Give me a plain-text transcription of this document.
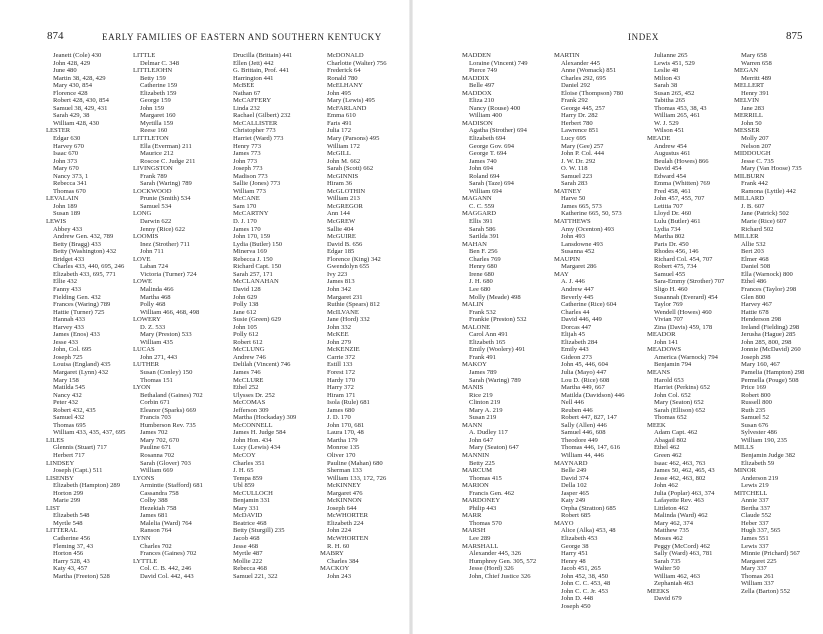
874	EARLY FAMILIES OF EASTERN AND SOUTHERN KENTUCKY
Jeanett (Cole) 430
John 428, 429
June 480
Martin 38, 428, 429
Mary 430, 854
Florence 428
Robert 428, 430, 854
Samuel 38, 429, 431
Sarah 429, 38
William 428, 430
LESTER
Edgar 630
Harvey 670
Isaac 670
John 373
Mary 670
Nancy 373, 1
Rebecca 341
Thomas 670
LEVALAIN
John 189
Susan 189
LEWIS
Abbey 433
Andrew Gen. 432, 789
Betty (Bragg) 433
Betty (Washington) 432
Bridget 433
Charles 433, 440, 695, 246
Elizabeth 433, 695, 771
Ellie 432
Fanny 433
Fielding Gen. 432
Frances (Waring) 789
Hattie (Turner) 725
Hannah 433
Harvey 433
James (Enos) 433
Jesse 433
John, Col. 695
Joseph 725
Louisa (England) 435
Margaret (Lynn) 432
Mary 158
Matilda 545
Nancy 432
Peter 432
Robert 432, 435
Samuel 432
Thomas 695
William 433, 435, 437, 695
LILES
Glennis (Stuart) 717
Herbert 717
LINDSEY
Joseph (Capt.) 511
LISENBY
Elizabeth (Hampton) 289
Horton 299
Marie 299
LIST
Elizabeth 548
Myrtle 548
LITTERAL
Catherine 456
Fleming 37, 43
Horton 456
Harry 528, 43
Katy 43, 457
Martha (Freeton) 528
LITTLE
Delmar C. 348
LITTLEJOHN
Betty 159
Catherine 159
Elizabeth 159
George 159
John 159
Margaret 160
Myrtilla 159
Reese 160
LITTLETON
Ella (Everman) 211
Maurice 212
Roscoe C. Judge 211
LIVINGSTON
Frank 789
Sarah (Waring) 789
LOCKWOOD
Prunie (Smith) 534
Samuel 534
LONG
Darwin 622
Jenny (Rice) 622
LOOMIS
Inez (Strother) 711
John 711
LOVE
Laban 724
Victoria (Turner) 724
LOWE
Malinda 466
Martha 468
Polly 468
William 466, 468, 498
LOWERY
D. Z. 533
Mary (Preston) 533
William 435
LUCAS
John 271, 443
LUTHER
Susan (Conley) 150
Thomas 151
LYON
Bethaland (Gaines) 702
Corbin 671
Eleanor (Sparks) 669
Francis 703
Humberson Rev. 735
James 702
Mary 702, 670
Pauline 671
Rosanna 702
Sarah (Glover) 703
William 669
LYONS
Armintie (Stafford) 681
Cassandra 758
Colby 388
Hezekiah 758
James 681
Malelia (Ward) 764
Ranson 764
LYNN
Charles 702
Frances (Gaines) 702
LYTTLE
Col. C. B. 442, 246
David Col. 442, 443
Drucilla (Brittain) 441
Ellen (Jett) 442
G. Brittain, Prof. 441
Harrington 441
McBEE
Nathan 67
McCAFFERY
Linda 232
Rachael (Gilbert) 232
McCALLISTER
Christopher 773
Harriet (Ward) 773
Henry 773
James 773
John 773
Joseph 773
Madison 773
Sallie (Jones) 773
William 773
McCANE
Sam 170
McCARTNY
D. J. 170
James 170
John 170, 159
Lydia (Butler) 150
Minerva 169
Rebecca J. 150
Richard Capt. 150
Sarah 257, 171
McCLANAHAN
David 128
John 629
Polly 138
Jane 612
Susie (Green) 629
John 105
Polly 612
Robert 612
McCLUNG
Andrew 746
Delilah (Vincent) 746
James 746
McCLURE
Ethel 252
Ulysses Dr. 252
McCOMAS
Jefferson 309
Martha (Hockaday) 309
McCONNELL
James H. Judge 584
John Hon. 434
Lucy (Lewis) 434
McCOY
Charles 351
J. H. 65
Tempa 859
Ubl 859
McCULLOCH
Benjamin 331
Mary 331
McDAVID
Beatrice 468
Betty (Sturgill) 235
Jacob 468
Jesse 468
Myrtle 487
Mollie 222
Rebecca 468
Samuel 221, 322
McDONALD
Charlotte (Walter) 756
Frederick 64
Ronald 780
McELHANY
John 495
Mary (Lewis) 495
McFARLAND
Emma 610
Faris 491
Julia 172
Mary (Parsons) 495
William 172
McGILL
John M. 662
Sarah (Scott) 662
McGINNIS
Hiram 36
McGLOTHIN
William 213
McGREGOR
Ann 144
McGREW
Sallie 404
McGUIRE
David B. 656
Edgar 185
Florence (King) 342
Gwendolyn 655
Ivy 223
James 813
John 342
Margaret 231
Ruthie (Spears) 812
McILVANE
Jane (Hord) 332
John 332
McKEE
John 279
McKENZIE
Carrie 372
Estill 133
Forest 172
Hardy 170
Harry 372
Hiram 171
Isola (Rule) 681
James 680
J. D. 170
John 170, 681
Laura 170, 48
Martha 179
Monroe 135
Oliver 170
Pauline (Mahan) 680
Sherman 133
William 133, 172, 726
McKINNEY
Margaret 476
McKINNON
Joseph 644
McWHORTER
Elizabeth 224
John 224
McWHORTEN
R. H. 60
MABRY
Charles 384
MACKOY
John 243
INDEX	875
MADDEN
Loraine (Vincent) 749
Pierce 749
MADDIX
Belle 497
MADDOX
Eliza 210
Nancy (Rouse) 400
William 400
MADISON
Agatha (Strother) 694
Elizabeth 694
George Gov. 694
George T. 694
James 740
John 694
Roland 694
Sarah (Taze) 694
William 694
MAGANN
C. C. 559
MAGGARD
Ellis 391
Sarah 586
Sarilda 391
MAHAN
Ben F. 256
Charles 769
Henry 680
Irene 680
J. H. 680
Lee 680
Molly (Meade) 498
MALIN
Frank 532
Frankie (Preston) 532
MALONE
Carol Ann 491
Elizabeth 165
Emily (Woolery) 491
Frank 491
MAKOY
James 789
Sarah (Waring) 789
MANIS
Rice 219
Clinton 219
Mary A. 219
Susan 219
MANN
A. Dudley 117
John 647
Mary (Seaton) 647
MANNIN
Betty 225
MARCUM
Thomas 415
MARION
Francis Gen. 462
MARDONEY
Philip 443
MARR
Thomas 570
MARSH
Lee 289
MARSHALL
Alexander 445, 326
Humphrey Gen. 305, 572
Jesse (Hord) 326
John, Chief Justice 326
MARTIN
Alexander 445
Anne (Womack) 851
Charles 292, 695
Daniel 292
Eloise (Thompson) 780
Frank 292
George 445, 257
Harry Dr. 282
Herbert 780
Lawrence 851
Lucy 695
Mary (Gee) 257
John P. Col. 444
J. W. Dr. 292
O. W. 118
Samuel 223
Sarah 283
MATNEY
Harve 50
James 665, 573
Katherine 665, 50, 573
MATTHEWS
Amy (Ocenton) 493
John 493
Lansdowne 493
Susanna 452
MAUPIN
Margaret 286
MAY
A. J. 446
Andrew 447
Beverly 445
Catherine (Rice) 604
Charles 44
David 446, 449
Dorcas 447
Elijah 45
Elizabeth 284
Emily 443
Gideon 273
John 45, 446, 604
Julia (Mayo) 447
Lou D. (Rice) 608
Martha 449, 667
Matilda (Davidson) 446
Nell 446
Reuben 446
Robert 447, 827, 147
Sally (Allen) 446
Samuel 446, 608
Theodore 449
Thomas 446, 147, 616
William 44, 446
MAYNARD
Belle 249
David 374
Della 102
Jasper 465
Katy 249
Orpha (Stratton) 685
Robert 685
MAYO
Alice (Alka) 453, 48
Elizabeth 453
George 38
Harry 451
Henry 48
Jacob 451, 265
John 452, 38, 450
John C. C. 453, 48
John C. C. Jr. 453
John D. 448
Joseph 450
Julianne 265
Lewis 451, 529
Leslie 48
Milton 43
Sarah 38
Susan 265, 452
Tabitha 265
Thomas 453, 38, 43
William 265, 461
W. J. 529
Wilson 451
MEADE
Andrew 454
Augustus 461
Beulah (Howes) 866
David 454
Edward 454
Emma (Whitten) 769
Fred 458, 461
John 457, 455, 707
Letitia 707
Lloyd Dr. 460
Lulu (Butler) 461
Lydia 734
Martha 802
Paris Dr. 450
Rhodes 456, 146
Richard Col. 454, 707
Robert 475, 734
Samuel 455
Sara-Emmy (Strother) 707
Sligo H. 460
Susannah (Everard) 454
Taylor 769
Wendell (Howes) 460
Vivian 707
Zina (Davis) 459, 178
MEADOR
John 141
MEADOWS
America (Warnock) 794
Benjamin 794
MEANS
Harold 653
Harriet (Perkins) 652
John Col. 652
Mary (Seaton) 652
Sarah (Ellison) 652
Thomas 652
MEEK
Adam Capt. 462
Abagail 802
Ethel 462
Green 462
Isaac 462, 463, 763
James 50, 462, 465, 43
Jesse 462, 463, 802
John 462
Julia (Poplar) 463, 374
Lafayette Rev. 463
Littleton 462
Malinda (Ward) 462
Mary 462, 374
Matthew 735
Moses 462
Peggy (McCord) 462
Sally (Ward) 463, 781
Sarah 735
Walter 50
William 462, 463
Zephaniah 463
MEEKS
David 679
Mary 658
Warren 658
MEGAN
Merritt 489
MELLERT
Henry 391
MELVIN
Jane 283
MERRILL
John 50
MESSER
Molly 207
Nelson 207
MIDDOUGH
Jesse C. 735
Mary (Van Hoose) 735
MILBURN
Frank 442
Ramona (Lyttle) 442
MILLARD
J. B. 607
Jane (Patrick) 502
Marie (Rice) 607
Richard 502
MILLER
Allie 532
Bert 203
Elmer 468
Daniel 508
Ella (Warnock) 800
Ethel 486
Frances (Taylor) 298
Glen 800
Harvey 467
Hattie 678
Henderson 298
Ireland (Fielding) 298
Jerusha (Hague) 285
John 285, 800, 298
Jonnie (McDavid) 260
Joseph 298
Mary 160, 467
Pamelia (Hampton) 298
Permella (Pouge) 508
Price 169
Robert 800
Russell 800
Ruth 235
Samuel 52
Susan 676
Sylvester 486
William 190, 235
MILLS
Benjamin Judge 382
Elizabeth 59
MINOR
Anderson 219
Lewis 219
MITCHELL
Annie 337
Bertha 337
Claude 552
Heber 337
Hugh 337, 565
James 551
Lewis 337
Minnie (Prichard) 567
Margaret 225
Mary 337
Thomas 261
William 337
Zella (Barton) 552
